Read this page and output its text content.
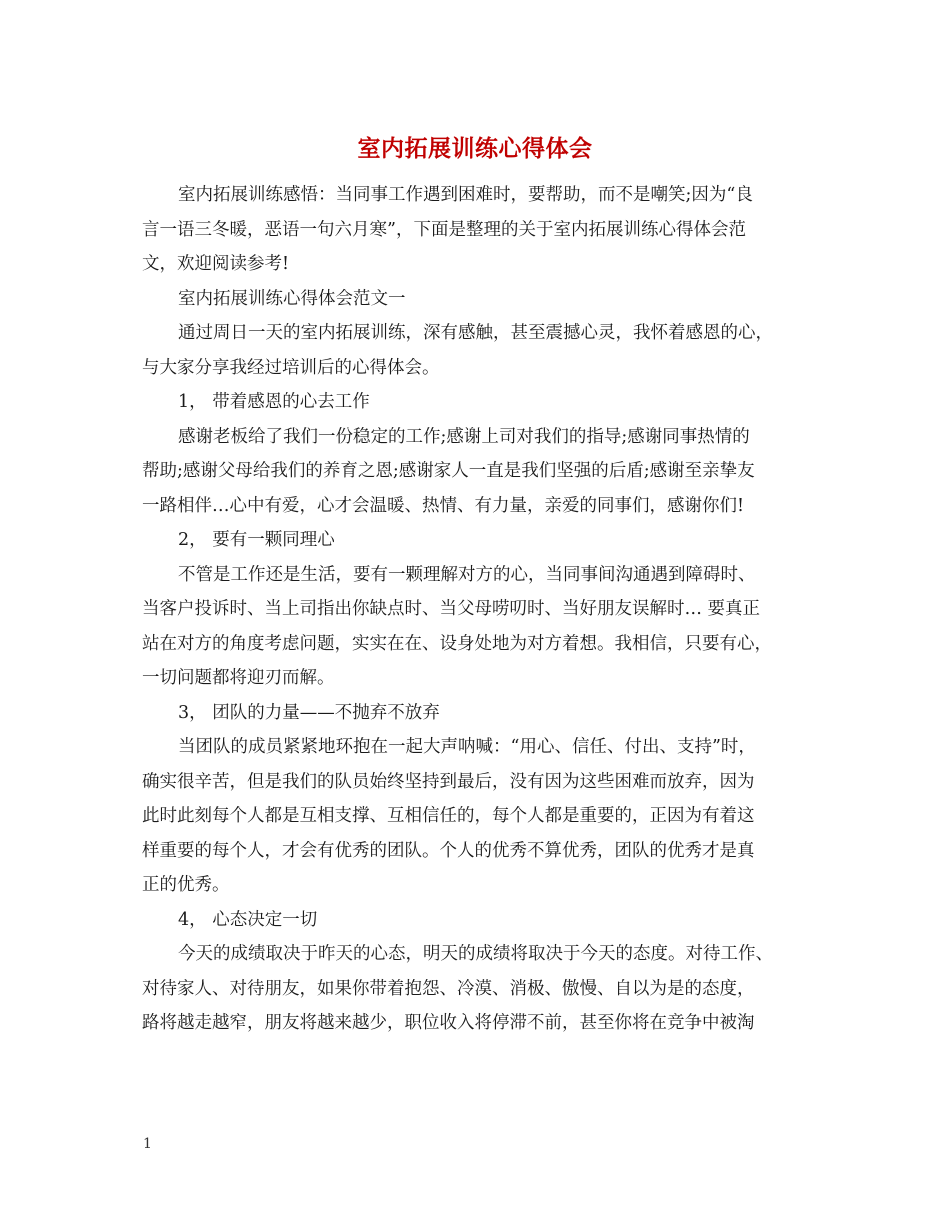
室内拓展训练心得体会
室内拓展训练感悟：当同事工作遇到困难时，要帮助，而不是嘲笑;因为“良
言一语三冬暖，恶语一句六月寒”，下面是整理的关于室内拓展训练心得体会范
文，欢迎阅读参考!
室内拓展训练心得体会范文一
通过周日一天的室内拓展训练，深有感触，甚至震撼心灵，我怀着感恩的心，
与大家分享我经过培训后的心得体会。
1， 带着感恩的心去工作
感谢老板给了我们一份稳定的工作;感谢上司对我们的指导;感谢同事热情的
帮助;感谢父母给我们的养育之恩;感谢家人一直是我们坚强的后盾;感谢至亲挚友
一路相伴…心中有爱，心才会温暖、热情、有力量，亲爱的同事们，感谢你们!
2， 要有一颗同理心
不管是工作还是生活，要有一颗理解对方的心，当同事间沟通遇到障碍时、
当客户投诉时、当上司指出你缺点时、当父母唠叨时、当好朋友误解时… 要真正
站在对方的角度考虑问题，实实在在、设身处地为对方着想。我相信，只要有心，
一切问题都将迎刃而解。
3， 团队的力量——不抛弃不放弃
当团队的成员紧紧地环抱在一起大声呐喊：“用心、信任、付出、支持”时，
确实很辛苦，但是我们的队员始终坚持到最后，没有因为这些困难而放弃，因为
此时此刻每个人都是互相支撑、互相信任的，每个人都是重要的，正因为有着这
样重要的每个人，才会有优秀的团队。个人的优秀不算优秀，团队的优秀才是真
正的优秀。
4， 心态决定一切
今天的成绩取决于昨天的心态，明天的成绩将取决于今天的态度。对待工作、
对待家人、对待朋友，如果你带着抱怨、冷漠、消极、傲慢、自以为是的态度，
路将越走越窄，朋友将越来越少，职位收入将停滞不前，甚至你将在竞争中被淘
1
